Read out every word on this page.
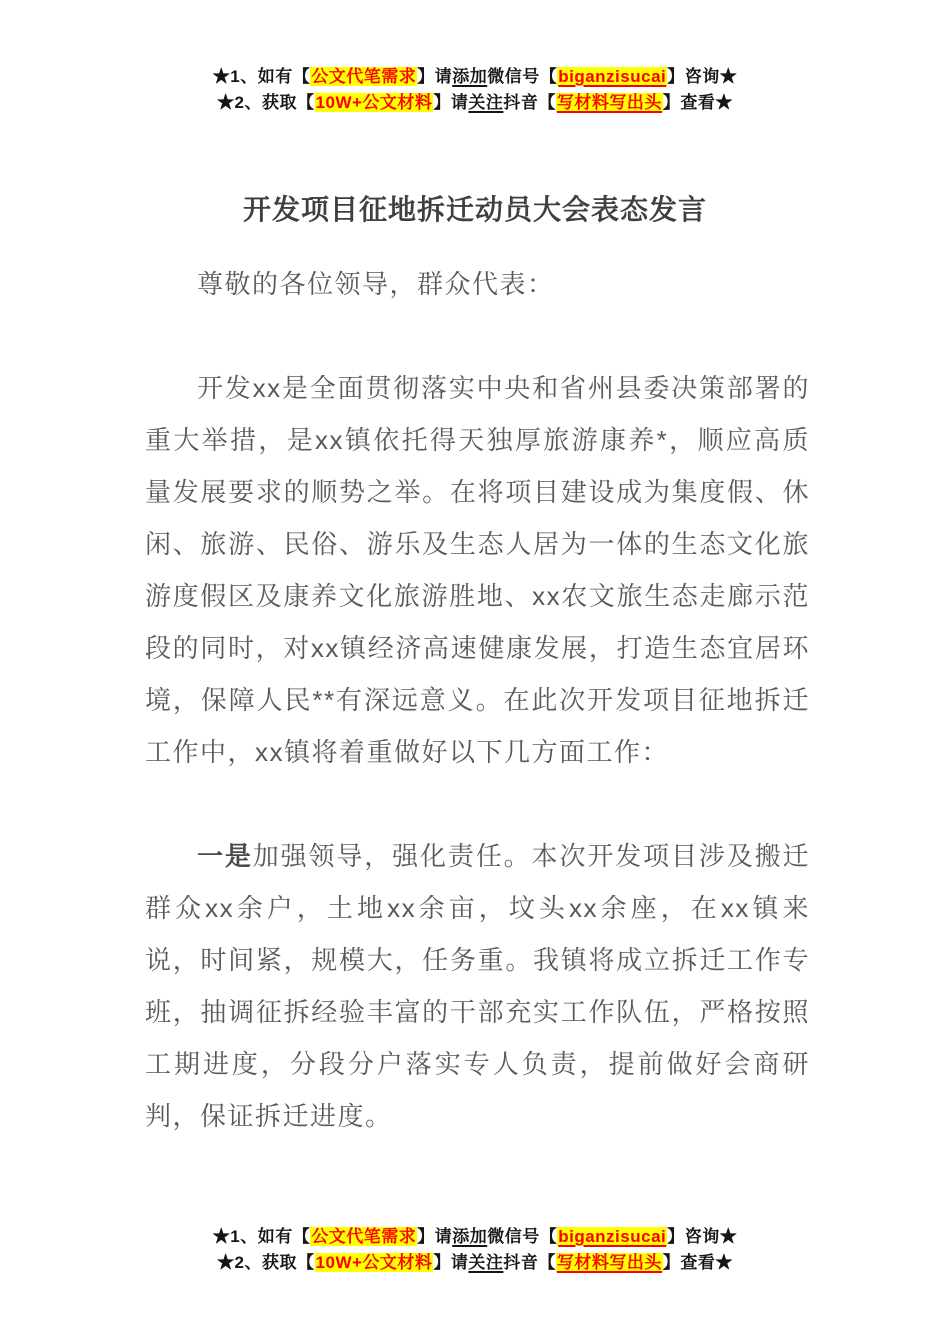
★1、如有【公文代笔需求】请添加微信号【biganzisucai】咨询★
★2、获取【10W+公文材料】请关注抖音【写材料写出头】查看★
开发项目征地拆迁动员大会表态发言

尊敬的各位领导，群众代表：

开发xx是全面贯彻落实中央和省州县委决策部署的重大举措，是xx镇依托得天独厚旅游康养*，顺应高质量发展要求的顺势之举。在将项目建设成为集度假、休闲、旅游、民俗、游乐及生态人居为一体的生态文化旅游度假区及康养文化旅游胜地、xx农文旅生态走廊示范段的同时，对xx镇经济高速健康发展，打造生态宜居环境，保障人民**有深远意义。在此次开发项目征地拆迁工作中，xx镇将着重做好以下几方面工作：

一是加强领导，强化责任。本次开发项目涉及搬迁群众xx余户，土地xx余亩，坟头xx余座，在xx镇来说，时间紧，规模大，任务重。我镇将成立拆迁工作专班，抽调征拆经验丰富的干部充实工作队伍，严格按照工期进度，分段分户落实专人负责，提前做好会商研判，保证拆迁进度。

★1、如有【公文代笔需求】请添加微信号【biganzisucai】咨询★
★2、获取【10W+公文材料】请关注抖音【写材料写出头】查看★
